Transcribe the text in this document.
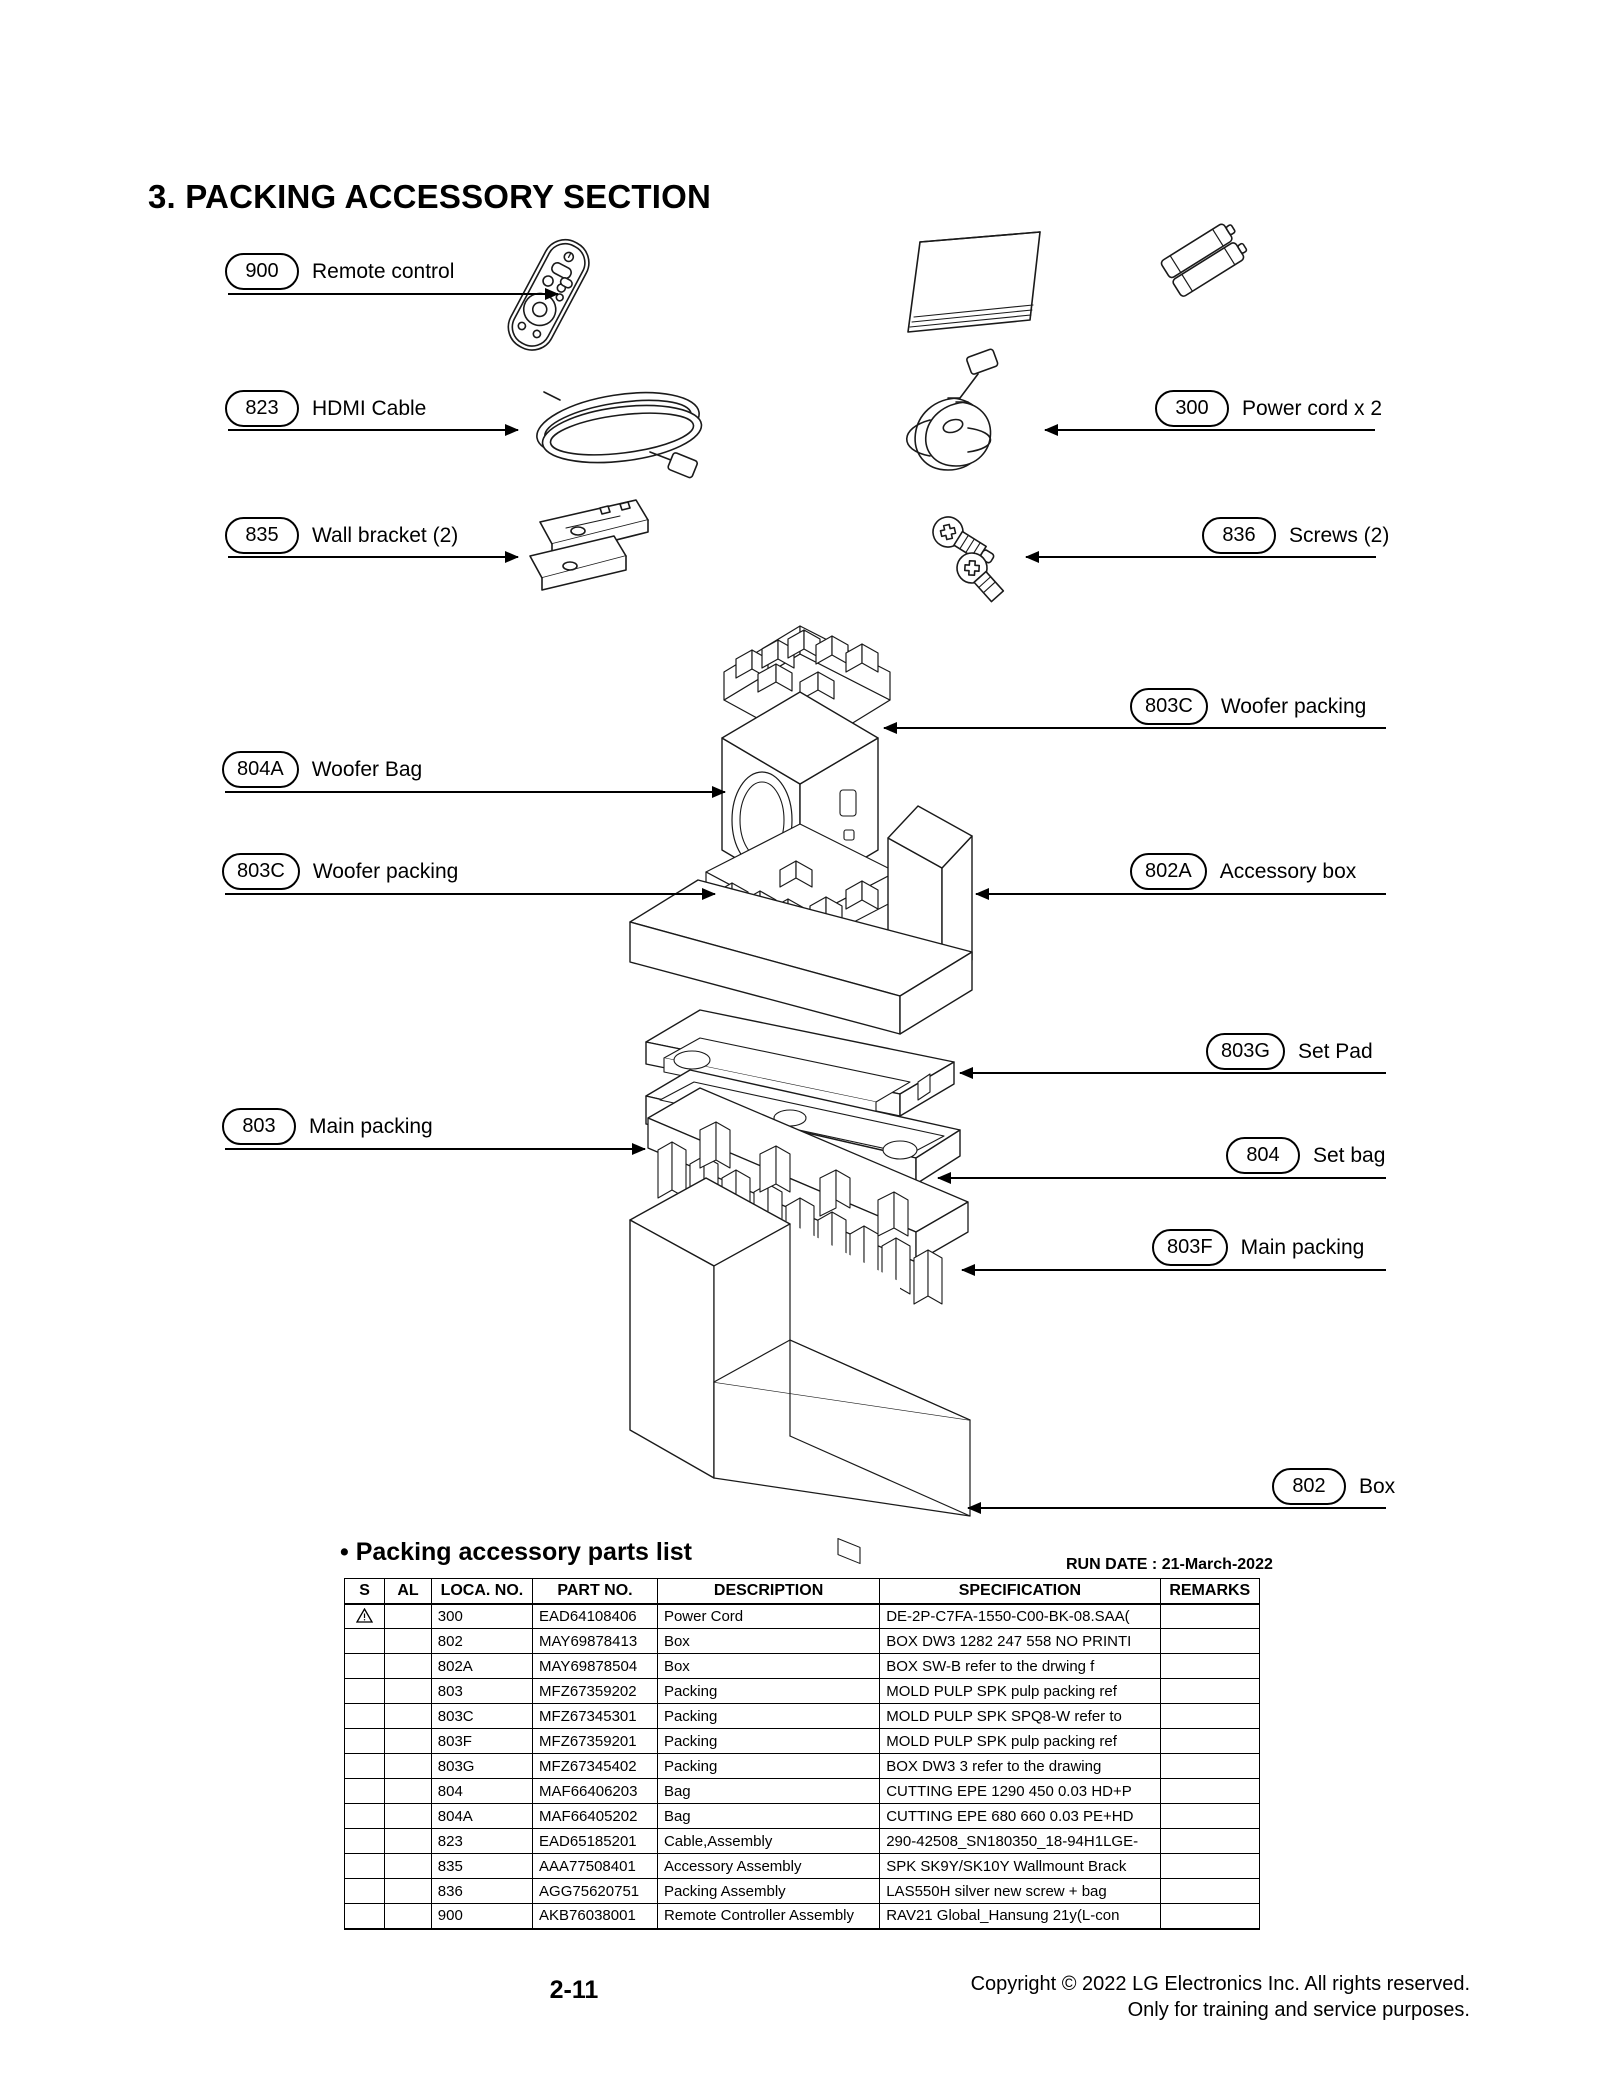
3. PACKING ACCESSORY SECTION
900	Remote control
823	HDMI Cable	300	Power cord x 2
835	Wall bracket (2)	836	Screws (2)
803C	Woofer packing
804A	Woofer Bag
803C	Woofer packing	802A	Accessory box
803G	Set Pad
803	Main packing
804	Set bag
803F	Main packing
802	Box
• Packing accessory parts list	RUN DATE : 21-March-2022
S	AL	LOCA. NO.	PART NO.	DESCRIPTION	SPECIFICATION	REMARKS
		300	EAD64108406	Power Cord	DE-2P-C7FA-1550-C00-BK-08.SAA(	
		802	MAY69878413	Box	BOX DW3 1282 247 558 NO PRINTI	
		802A	MAY69878504	Box	BOX SW-B refer to the drwing f	
		803	MFZ67359202	Packing	MOLD PULP SPK pulp packing ref	
		803C	MFZ67345301	Packing	MOLD PULP SPK SPQ8-W refer to	
		803F	MFZ67359201	Packing	MOLD PULP SPK pulp packing ref	
		803G	MFZ67345402	Packing	BOX DW3 3 refer to the drawing	
		804	MAF66406203	Bag	CUTTING EPE 1290 450 0.03 HD+P	
		804A	MAF66405202	Bag	CUTTING EPE 680 660 0.03 PE+HD	
		823	EAD65185201	Cable,Assembly	290-42508_SN180350_18-94H1LGE-	
		835	AAA77508401	Accessory Assembly	SPK SK9Y/SK10Y Wallmount Brack	
		836	AGG75620751	Packing Assembly	LAS550H silver new screw + bag	
		900	AKB76038001	Remote Controller Assembly	RAV21 Global_Hansung 21y(L-con	
2-11	Copyright © 2022 LG Electronics Inc. All rights reserved.
Only for training and service purposes.
